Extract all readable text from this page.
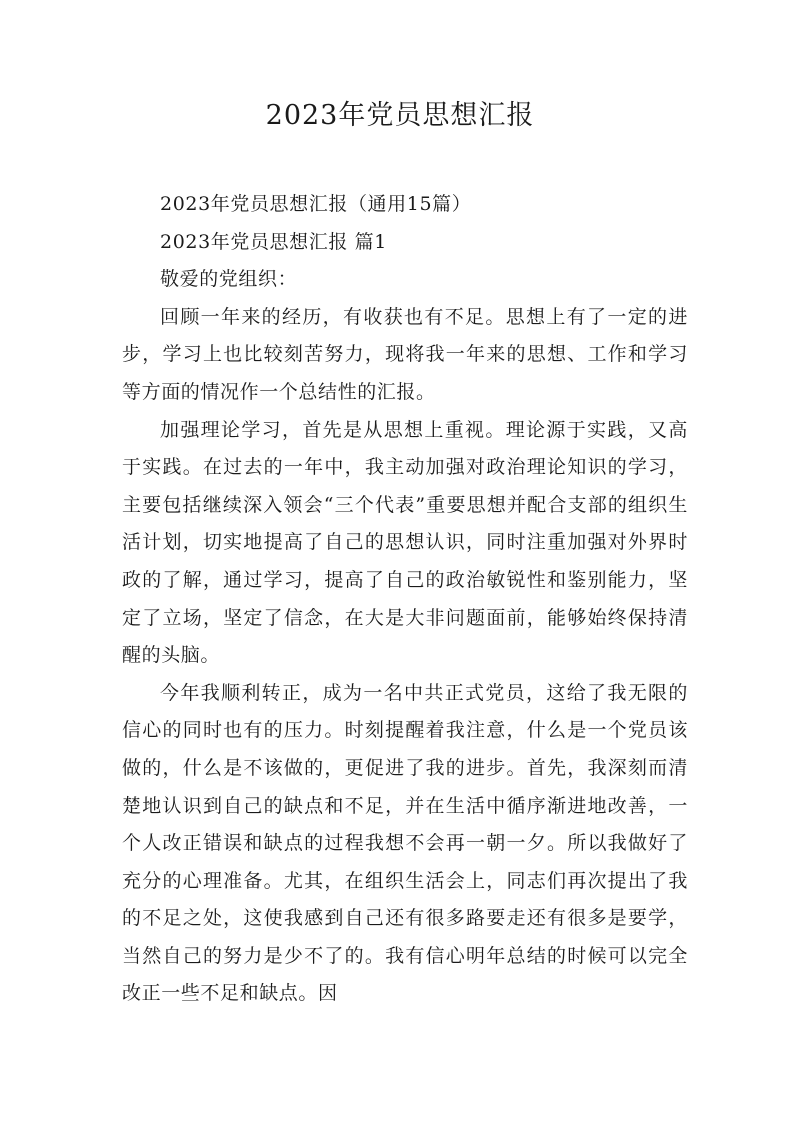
2023年党员思想汇报

2023年党员思想汇报（通用15篇）

2023年党员思想汇报 篇1

敬爱的党组织：

回顾一年来的经历，有收获也有不足。思想上有了一定的进步，学习上也比较刻苦努力，现将我一年来的思想、工作和学习等方面的情况作一个总结性的汇报。

加强理论学习，首先是从思想上重视。理论源于实践，又高于实践。在过去的一年中，我主动加强对政治理论知识的学习，主要包括继续深入领会“三个代表”重要思想并配合支部的组织生活计划，切实地提高了自己的思想认识，同时注重加强对外界时政的了解，通过学习，提高了自己的政治敏锐性和鉴别能力，坚定了立场，坚定了信念，在大是大非问题面前，能够始终保持清醒的头脑。

今年我顺利转正，成为一名中共正式党员，这给了我无限的信心的同时也有的压力。时刻提醒着我注意，什么是一个党员该做的，什么是不该做的，更促进了我的进步。首先，我深刻而清楚地认识到自己的缺点和不足，并在生活中循序渐进地改善，一个人改正错误和缺点的过程我想不会再一朝一夕。所以我做好了充分的心理准备。尤其，在组织生活会上，同志们再次提出了我的不足之处，这使我感到自己还有很多路要走还有很多是要学，当然自己的努力是少不了的。我有信心明年总结的时候可以完全改正一些不足和缺点。因
